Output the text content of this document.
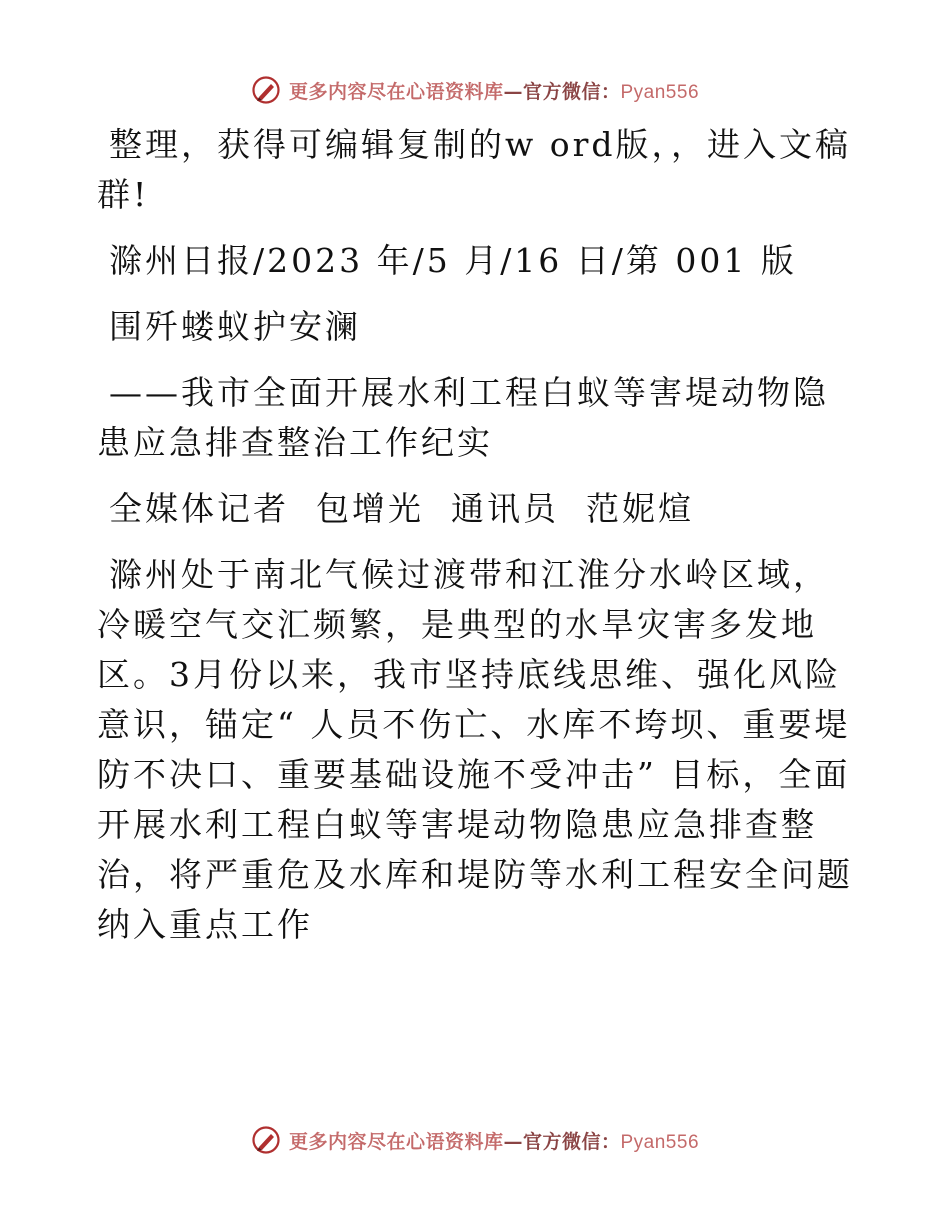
更多内容尽在心语资料库—官方微信：Pyan556

整理，获得可编辑复制的w ord版，，进入文稿群!

滁州日报/2023 年/5 月/16 日/第 001 版

围歼蝼蚁护安澜

——我市全面开展水利工程白蚁等害堤动物隐患应急排查整治工作纪实

全媒体记者  包增光  通讯员  范妮煊

滁州处于南北气候过渡带和江淮分水岭区域，冷暖空气交汇频繁，是典型的水旱灾害多发地区。3月份以来，我市坚持底线思维、强化风险意识，锚定“ 人员不伤亡、水库不垮坝、重要堤防不决口、重要基础设施不受冲击” 目标，全面开展水利工程白蚁等害堤动物隐患应急排查整治，将严重危及水库和堤防等水利工程安全问题纳入重点工作

更多内容尽在心语资料库—官方微信：Pyan556
